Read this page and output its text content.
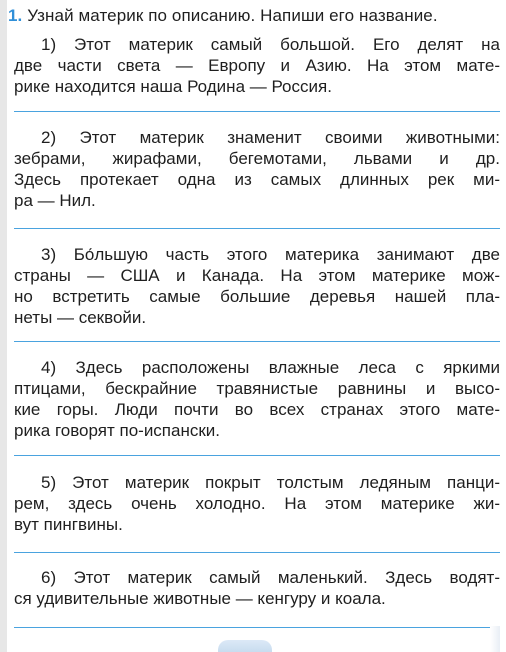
1. Узнай материк по описанию. Напиши его название.
1) Этот материк самый большой. Его делят на
две части света — Европу и Азию. На этом мате-
рике находится наша Родина — Россия.
2) Этот материк знаменит своими животными:
зебрами, жирафами, бегемотами, львами и др.
Здесь протекает одна из самых длинных рек ми-
ра — Нил.
3) Бо́льшую часть этого материка занимают две
страны — США и Канада. На этом материке мож-
но встретить самые большие деревья нашей пла-
неты — секвойи.
4) Здесь расположены влажные леса с яркими
птицами, бескрайние травянистые равнины и высо-
кие горы. Люди почти во всех странах этого мате-
рика говорят по-испански.
5) Этот материк покрыт толстым ледяным панци-
рем, здесь очень холодно. На этом материке жи-
вут пингвины.
6) Этот материк самый маленький. Здесь водят-
ся удивительные животные — кенгуру и коала.
